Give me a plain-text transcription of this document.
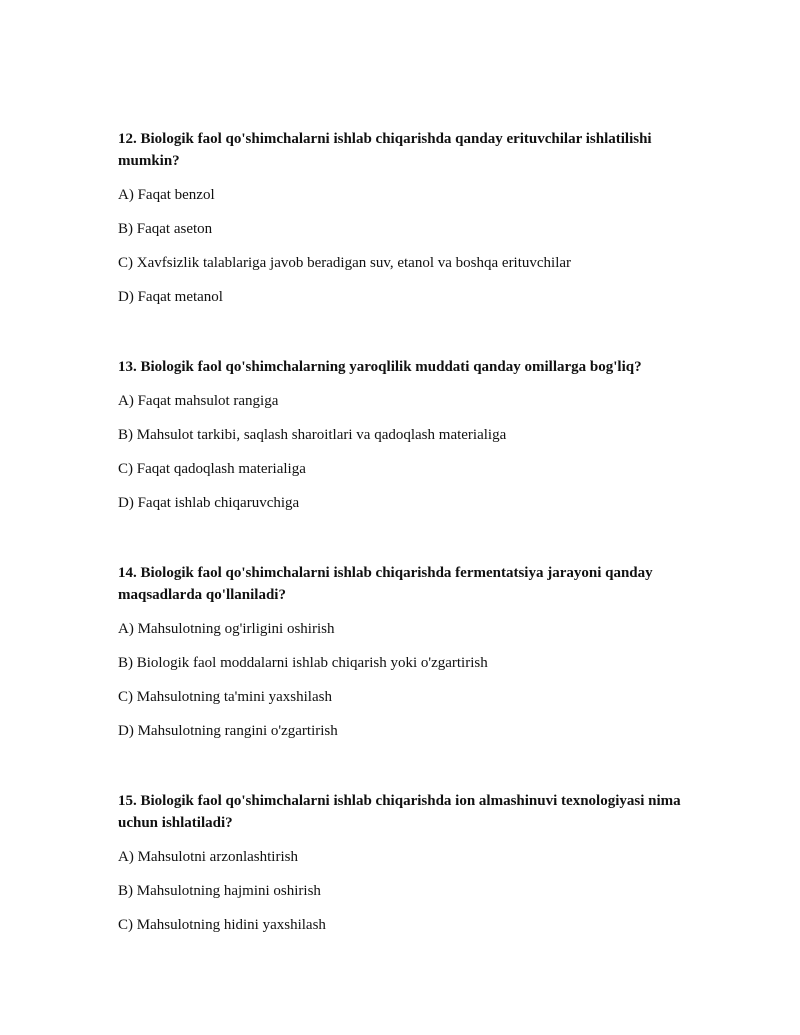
12. Biologik faol qo'shimchalarni ishlab chiqarishda qanday erituvchilar ishlatilishi mumkin?
A) Faqat benzol
B) Faqat aseton
C) Xavfsizlik talablariga javob beradigan suv, etanol va boshqa erituvchilar
D) Faqat metanol
13. Biologik faol qo'shimchalarning yaroqlilik muddati qanday omillarga bog'liq?
A) Faqat mahsulot rangiga
B) Mahsulot tarkibi, saqlash sharoitlari va qadoqlash materialiga
C) Faqat qadoqlash materialiga
D) Faqat ishlab chiqaruvchiga
14. Biologik faol qo'shimchalarni ishlab chiqarishda fermentatsiya jarayoni qanday maqsadlarda qo'llaniladi?
A) Mahsulotning og'irligini oshirish
B) Biologik faol moddalarni ishlab chiqarish yoki o'zgartirish
C) Mahsulotning ta'mini yaxshilash
D) Mahsulotning rangini o'zgartirish
15. Biologik faol qo'shimchalarni ishlab chiqarishda ion almashinuvi texnologiyasi nima uchun ishlatiladi?
A) Mahsulotni arzonlashtirish
B) Mahsulotning hajmini oshirish
C) Mahsulotning hidini yaxshilash
